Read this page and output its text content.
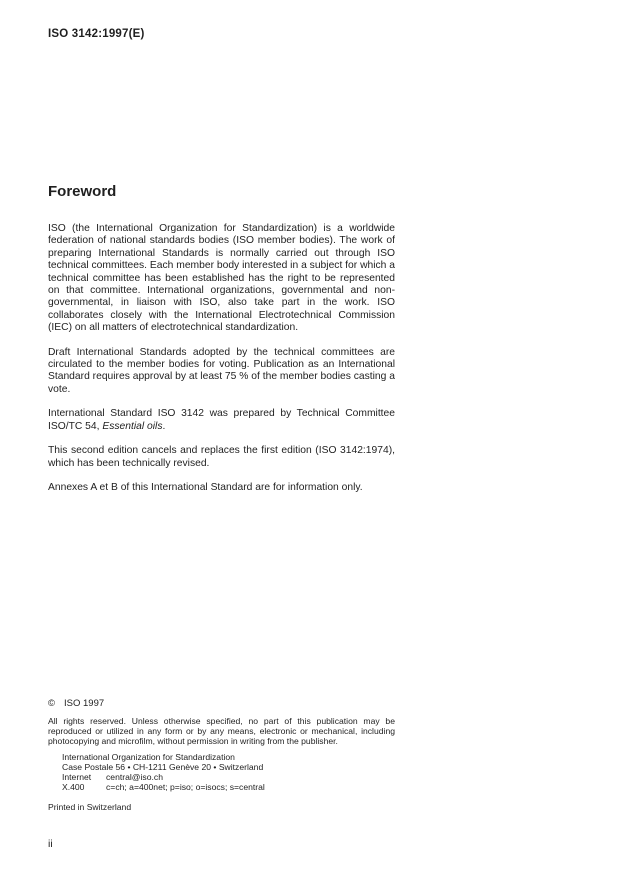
ISO 3142:1997(E)
Foreword

ISO (the International Organization for Standardization) is a worldwide federation of national standards bodies (ISO member bodies). The work of preparing International Standards is normally carried out through ISO technical committees. Each member body interested in a subject for which a technical committee has been established has the right to be represented on that committee. International organizations, governmental and non-governmental, in liaison with ISO, also take part in the work. ISO collaborates closely with the International Electrotechnical Commission (IEC) on all matters of electrotechnical standardization.

Draft International Standards adopted by the technical committees are circulated to the member bodies for voting. Publication as an International Standard requires approval by at least 75 % of the member bodies casting a vote.

International Standard ISO 3142 was prepared by Technical Committee ISO/TC 54, Essential oils.

This second edition cancels and replaces the first edition (ISO 3142:1974), which has been technically revised.

Annexes A et B of this International Standard are for information only.

© ISO 1997
All rights reserved. Unless otherwise specified, no part of this publication may be reproduced or utilized in any form or by any means, electronic or mechanical, including photocopying and microfilm, without permission in writing from the publisher.
International Organization for Standardization
Case Postale 56 • CH-1211 Genève 20 • Switzerland
Internet central@iso.ch
X.400	c=ch; a=400net; p=iso; o=isocs; s=central
Printed in Switzerland
ii
